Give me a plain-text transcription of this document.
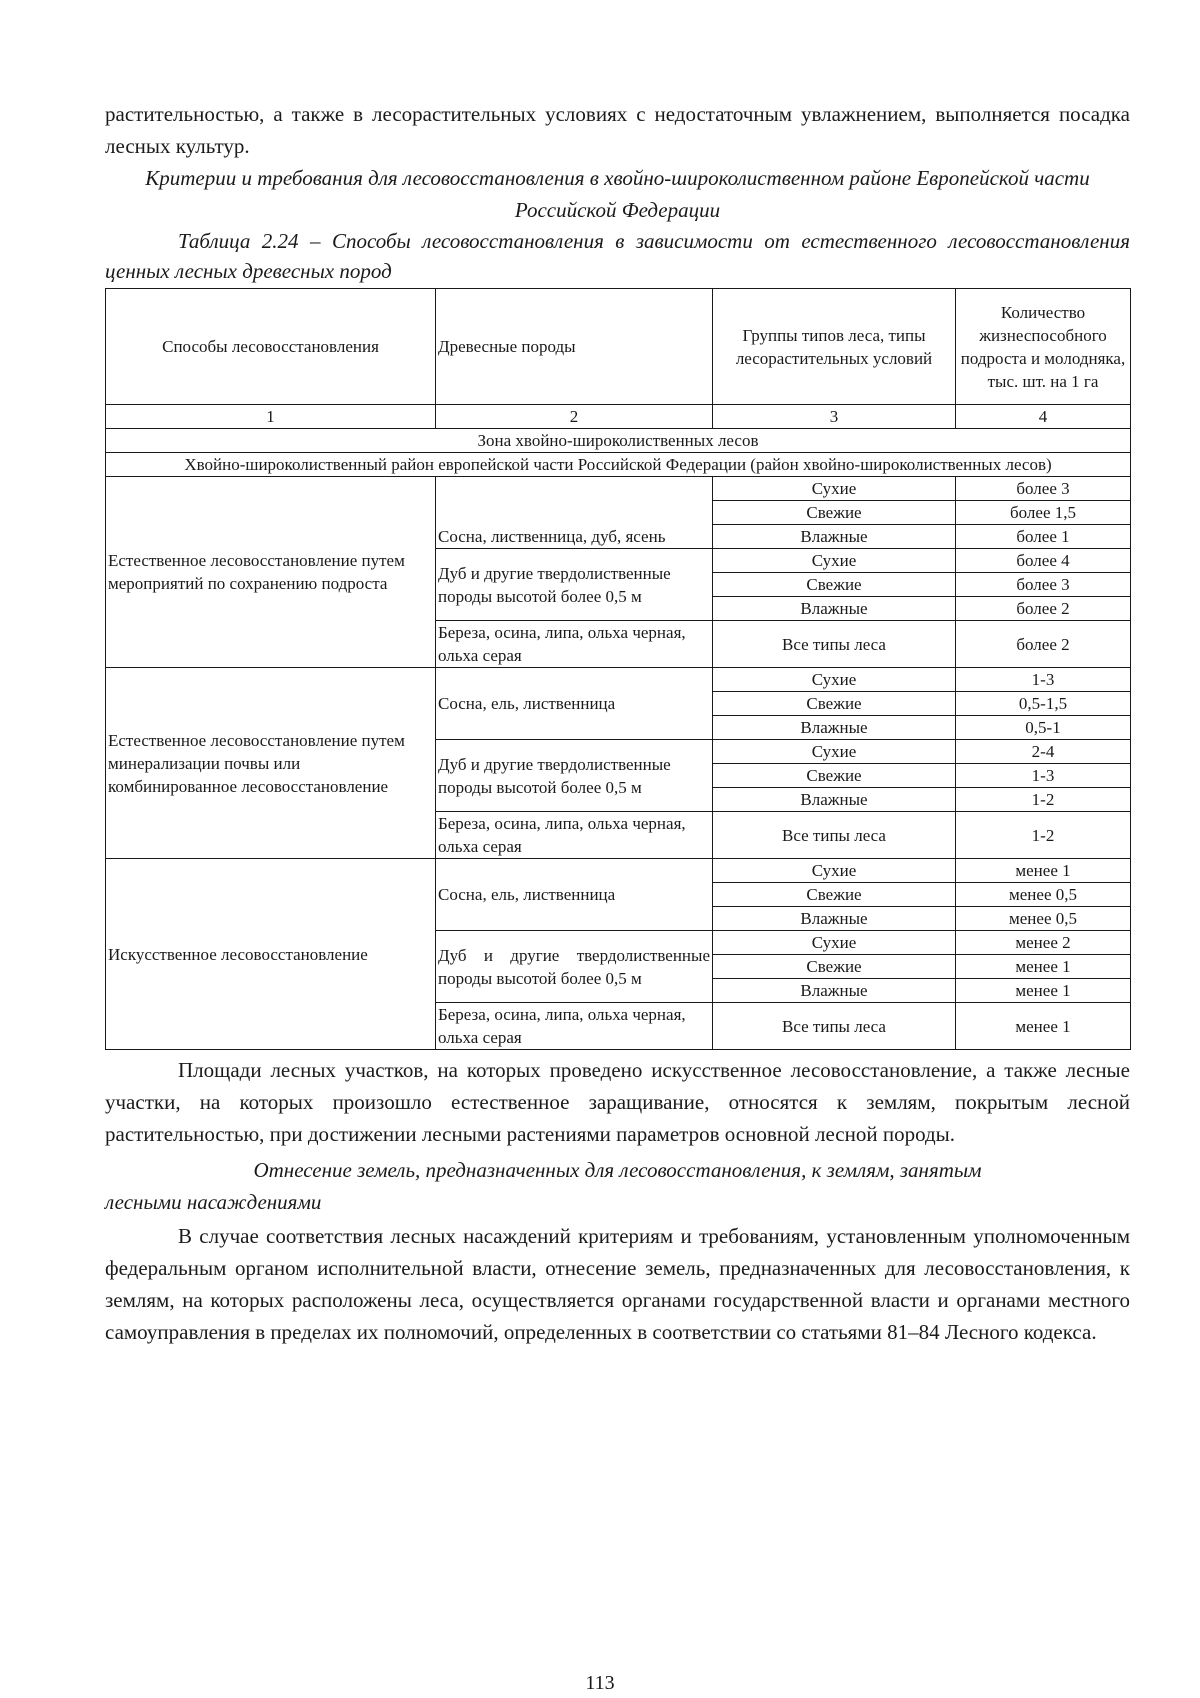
растительностью, а также в лесорастительных условиях с недостаточным увлажнением, выполняется посадка лесных культур.

Критерии и требования для лесовосстановления в хвойно-широколиственном районе Европейской части Российской Федерации

Таблица 2.24 – Способы лесовосстановления в зависимости от естественного лесовосстановления ценных лесных древесных пород

Способы лесовосстановления	Древесные породы	Группы типов леса, типы лесорастительных условий	Количество жизнеспособного подроста и молодняка, тыс. шт. на 1 га
1	2	3	4
Зона хвойно-широколиственных лесов			
Хвойно-широколиственный район европейской части Российской Федерации (район хвойно-широколиственных лесов)			
Естественное лесовосстановление путем мероприятий по сохранению подроста	Сосна, лиственница, дуб, ясень	Сухие	более 3
		Свежие	более 1,5
		Влажные	более 1
	Дуб и другие твердолиственные породы высотой более 0,5 м	Сухие	более 4
		Свежие	более 3
		Влажные	более 2
	Береза, осина, липа, ольха черная, ольха серая	Все типы леса	более 2
Естественное лесовосстановление путем минерализации почвы или комбинированное лесовосстановление	Сосна, ель, лиственница	Сухие	1-3
		Свежие	0,5-1,5
		Влажные	0,5-1
	Дуб и другие твердолиственные породы высотой более 0,5 м	Сухие	2-4
		Свежие	1-3
		Влажные	1-2
	Береза, осина, липа, ольха черная, ольха серая	Все типы леса	1-2
Искусственное лесовосстановление	Сосна, ель, лиственница	Сухие	менее 1
		Свежие	менее 0,5
		Влажные	менее 0,5
	Дуб и другие твердолиственные породы высотой более 0,5 м	Сухие	менее 2
		Свежие	менее 1
		Влажные	менее 1
	Береза, осина, липа, ольха черная, ольха серая	Все типы леса	менее 1

Площади лесных участков, на которых проведено искусственное лесовосстановление, а также лесные участки, на которых произошло естественное заращивание, относятся к землям, покрытым лесной растительностью, при достижении лесными растениями параметров основной лесной породы.

Отнесение земель, предназначенных для лесовосстановления, к землям, занятым

лесными насаждениями

В случае соответствия лесных насаждений критериям и требованиям, установленным уполномоченным федеральным органом исполнительной власти, отнесение земель, предназначенных для лесовосстановления, к землям, на которых расположены леса, осуществляется органами государственной власти и органами местного самоуправления в пределах их полномочий, определенных в соответствии со статьями 81–84 Лесного кодекса.

113
